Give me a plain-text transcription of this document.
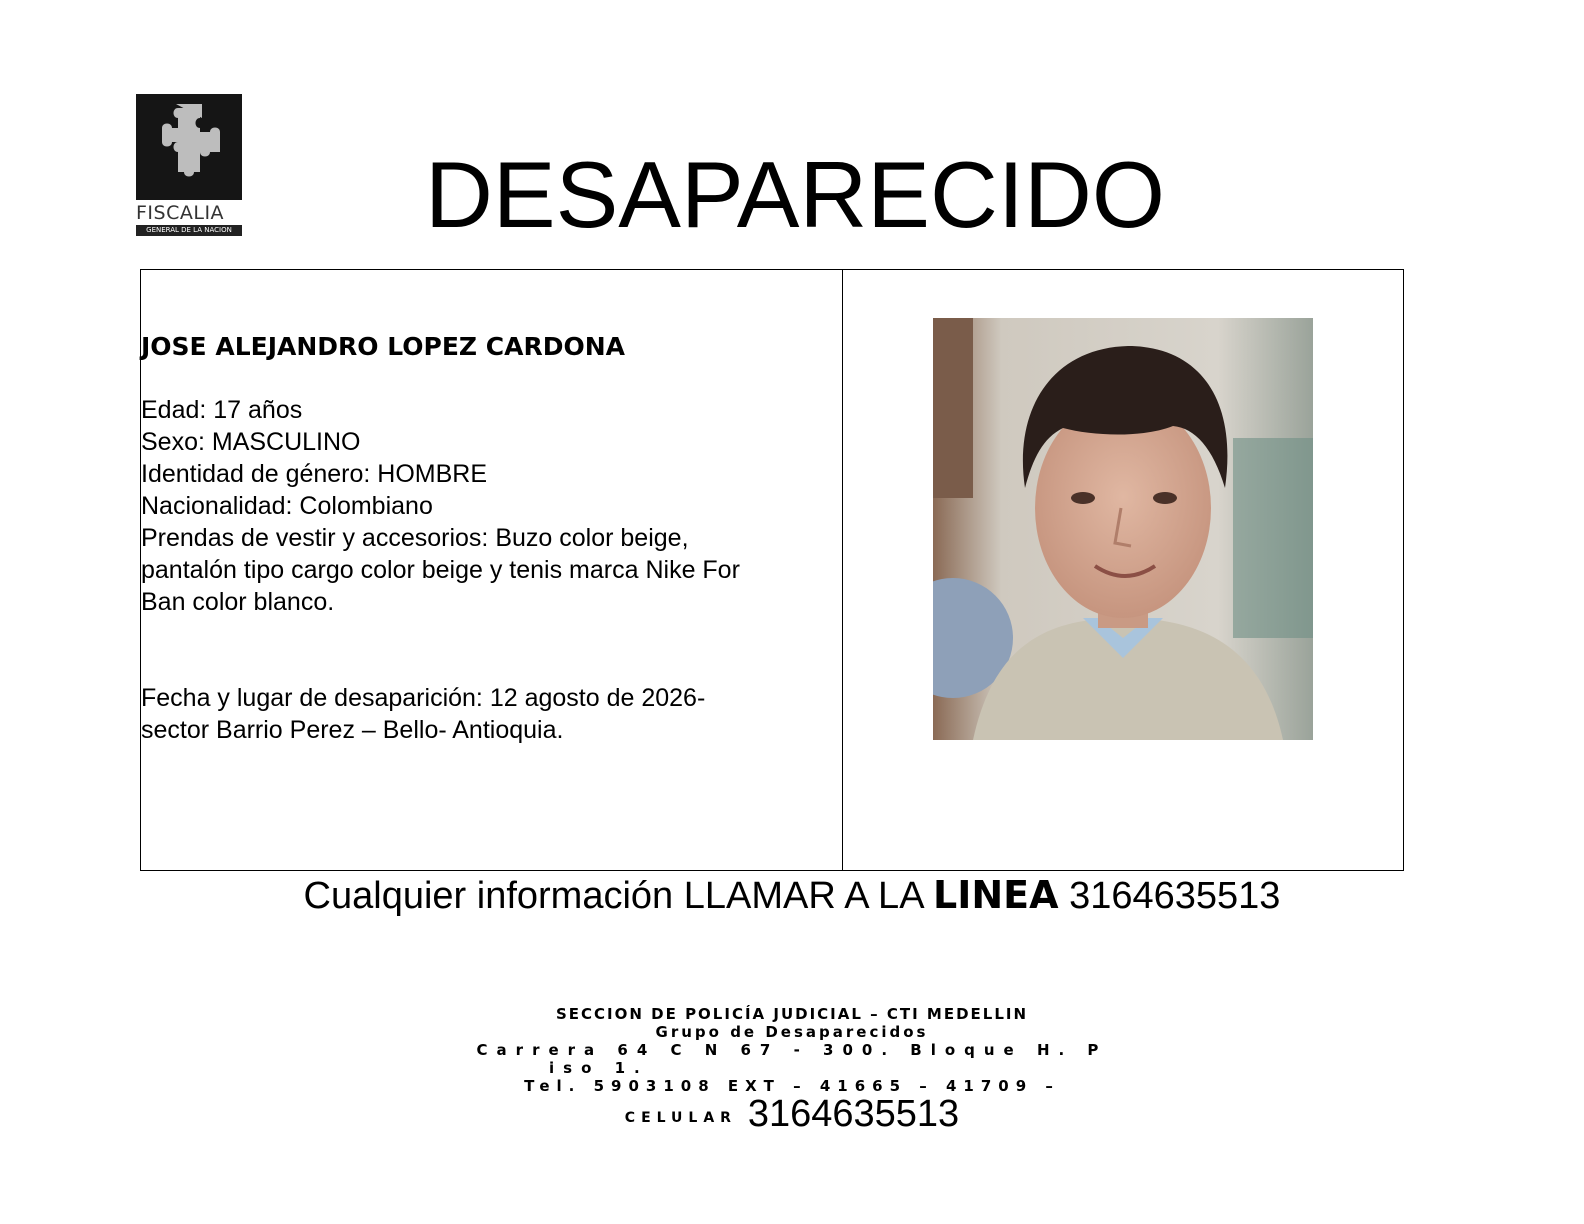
FISCALIA
GENERAL DE LA NACION DESAPARECIDO
JOSE ALEJANDRO LOPEZ CARDONA
Edad: 17 años
Sexo: MASCULINO
Identidad de género: HOMBRE
Nacionalidad: Colombiano
Prendas de vestir y accesorios: Buzo color beige,
pantalón tipo cargo color beige y tenis marca Nike For
Ban color blanco.
Fecha y lugar de desaparición: 12 agosto de 2026-
sector Barrio Perez – Bello- Antioquia.
Cualquier información LLAMAR A LA LINEA 3164635513
SECCION DE POLICÍA JUDICIAL – CTI MEDELLIN
Grupo de Desaparecidos
Carrera 64 C N 67 - 300. Bloque H. P
iso 1.
Tel. 5903108 EXT – 41665 – 41709 –
CELULAR 3164635513
